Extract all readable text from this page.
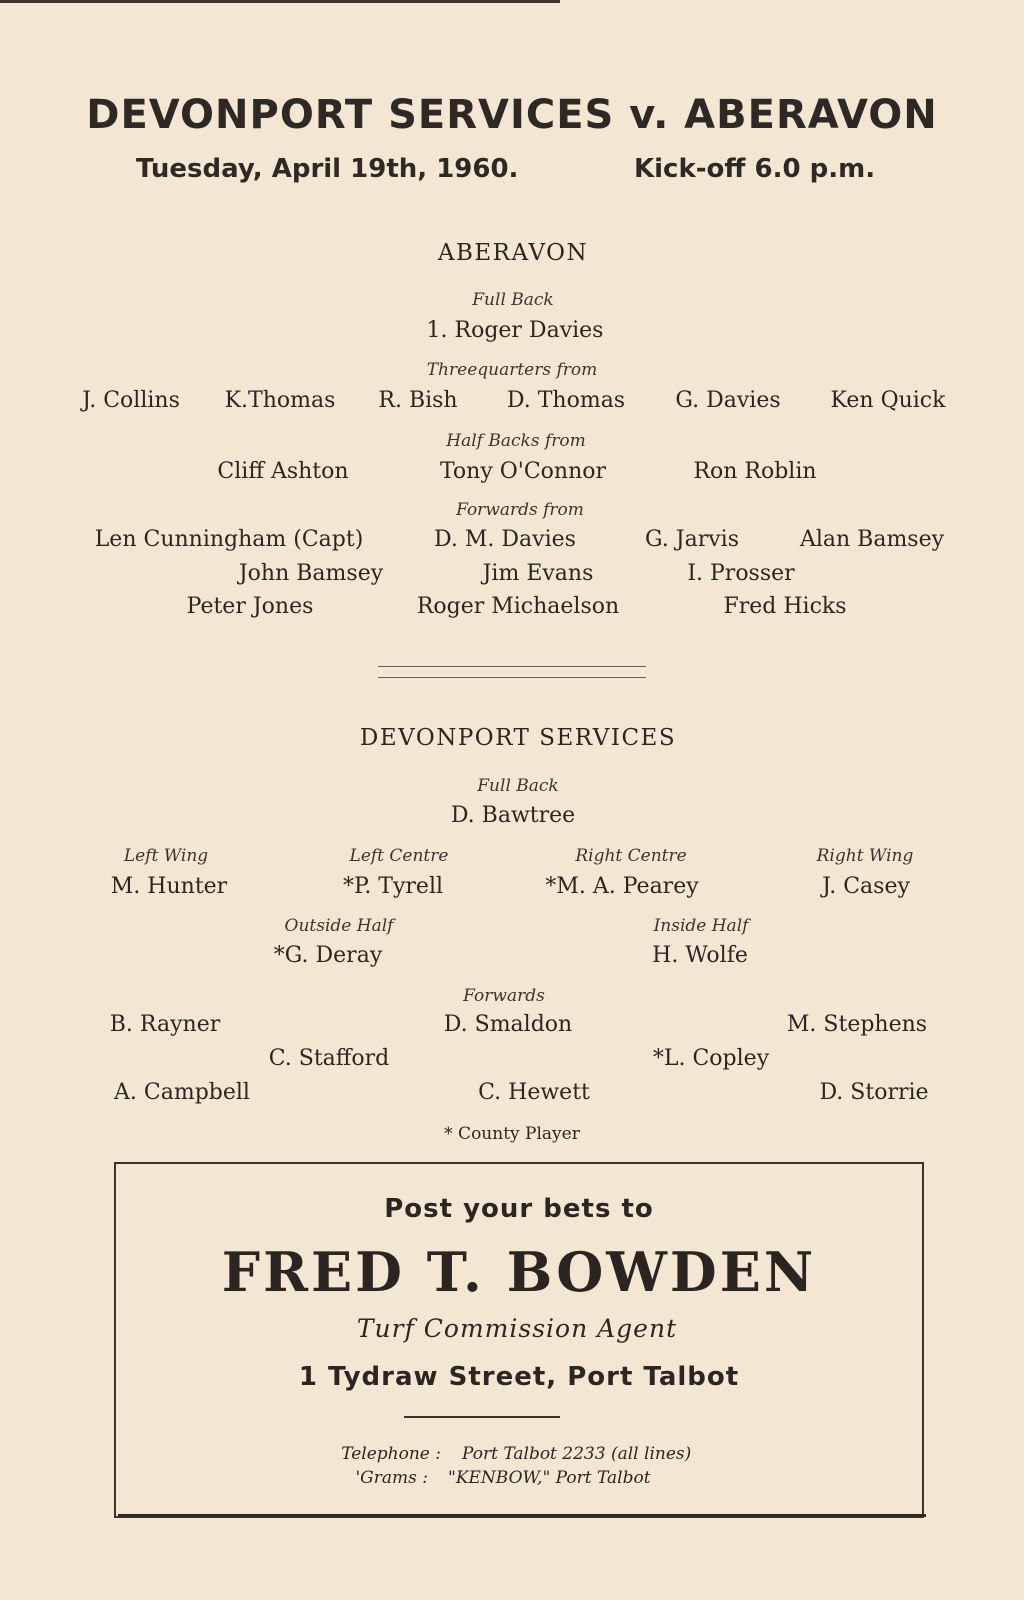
DEVONPORT SERVICES v. ABERAVON
Tuesday, April 19th, 1960.	Kick-off 6.0 p.m.
ABERAVON
Full Back
1. Roger Davies
Threequarters from
J. Collins K.Thomas R. Bish D. Thomas G. Davies Ken Quick
Half Backs from
Cliff Ashton	Tony O'Connor	Ron Roblin
Forwards from
Len Cunningham (Capt)	D. M. Davies	G. Jarvis	Alan Bamsey
John Bamsey	Jim Evans	I. Prosser
Peter Jones	Roger Michaelson	Fred Hicks
DEVONPORT SERVICES
Full Back
D. Bawtree
Left Wing	Left Centre	Right Centre	Right Wing
M. Hunter	*P. Tyrell	*M. A. Pearey	J. Casey
Outside Half	Inside Half
*G. Deray	H. Wolfe
Forwards
B. Rayner	D. Smaldon	M. Stephens
C. Stafford	*L. Copley
A. Campbell	C. Hewett	D. Storrie
* County Player
Post your bets to
FRED T. BOWDEN
Turf Commission Agent
1 Tydraw Street, Port Talbot
Telephone : Port Talbot 2233 (all lines)
'Grams : "KENBOW," Port Talbot
